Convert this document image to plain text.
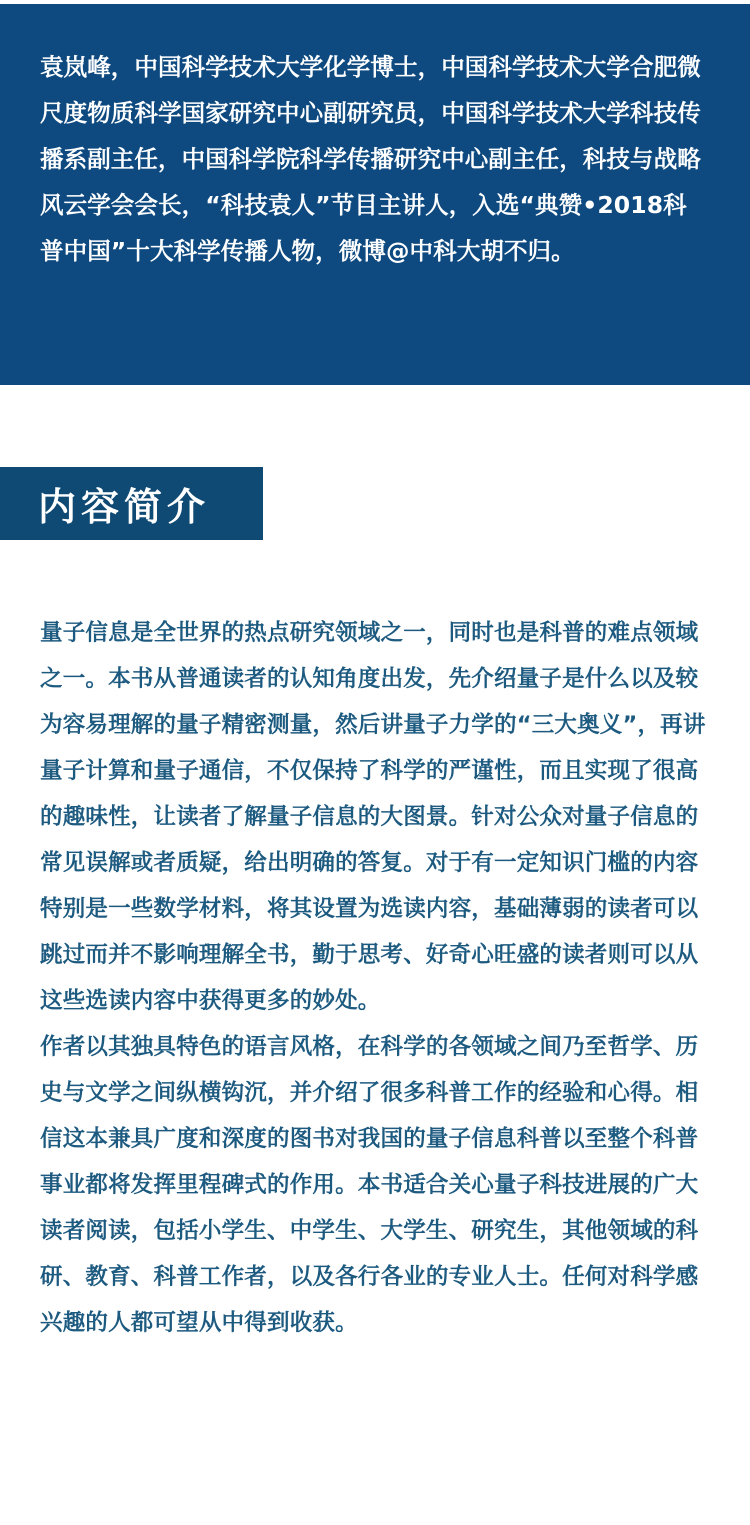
袁岚峰，中国科学技术大学化学博士，中国科学技术大学合肥微尺度物质科学国家研究中心副研究员，中国科学技术大学科技传播系副主任，中国科学院科学传播研究中心副主任，科技与战略风云学会会长，“科技袁人”节目主讲人，入选“典赞•2018科普中国”十大科学传播人物，微博@中科大胡不归。

内容简介

量子信息是全世界的热点研究领域之一，同时也是科普的难点领域之一。本书从普通读者的认知角度出发，先介绍量子是什么以及较为容易理解的量子精密测量，然后讲量子力学的“三大奥义”，再讲量子计算和量子通信，不仅保持了科学的严谨性，而且实现了很高的趣味性，让读者了解量子信息的大图景。针对公众对量子信息的常见误解或者质疑，给出明确的答复。对于有一定知识门槛的内容特别是一些数学材料，将其设置为选读内容，基础薄弱的读者可以跳过而并不影响理解全书，勤于思考、好奇心旺盛的读者则可以从这些选读内容中获得更多的妙处。

作者以其独具特色的语言风格，在科学的各领域之间乃至哲学、历史与文学之间纵横钩沉，并介绍了很多科普工作的经验和心得。相信这本兼具广度和深度的图书对我国的量子信息科普以至整个科普事业都将发挥里程碑式的作用。本书适合关心量子科技进展的广大读者阅读，包括小学生、中学生、大学生、研究生，其他领域的科研、教育、科普工作者，以及各行各业的专业人士。任何对科学感兴趣的人都可望从中得到收获。
